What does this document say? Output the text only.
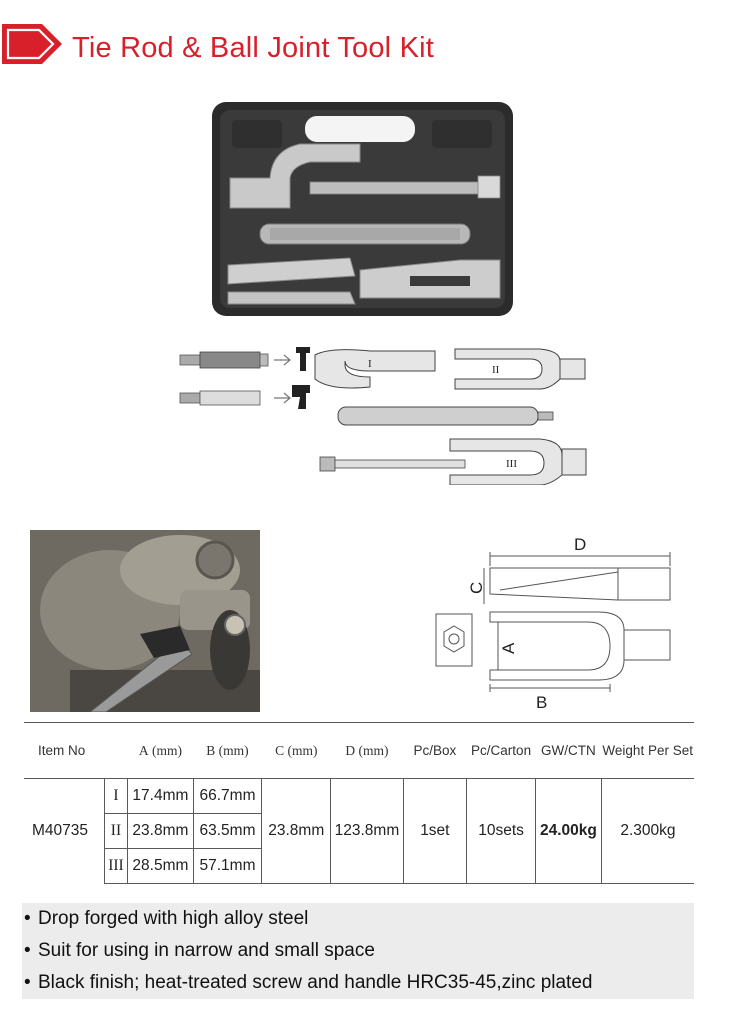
Tie Rod & Ball Joint Tool Kit
I	II
III
D
C
A
B
Item No		A (mm)	B (mm)	C (mm)	D (mm)	Pc/Box	Pc/Carton	GW/CTN	Weight Per Set
M40735	I	17.4mm	66.7mm	23.8mm	123.8mm	1set	10sets	24.00kg	2.300kg
	II	23.8mm	63.5mm						
	III	28.5mm	57.1mm						
• Drop forged with high alloy steel
• Suit for using in narrow and small space
• Black finish; heat-treated screw and handle HRC35-45,zinc plated
